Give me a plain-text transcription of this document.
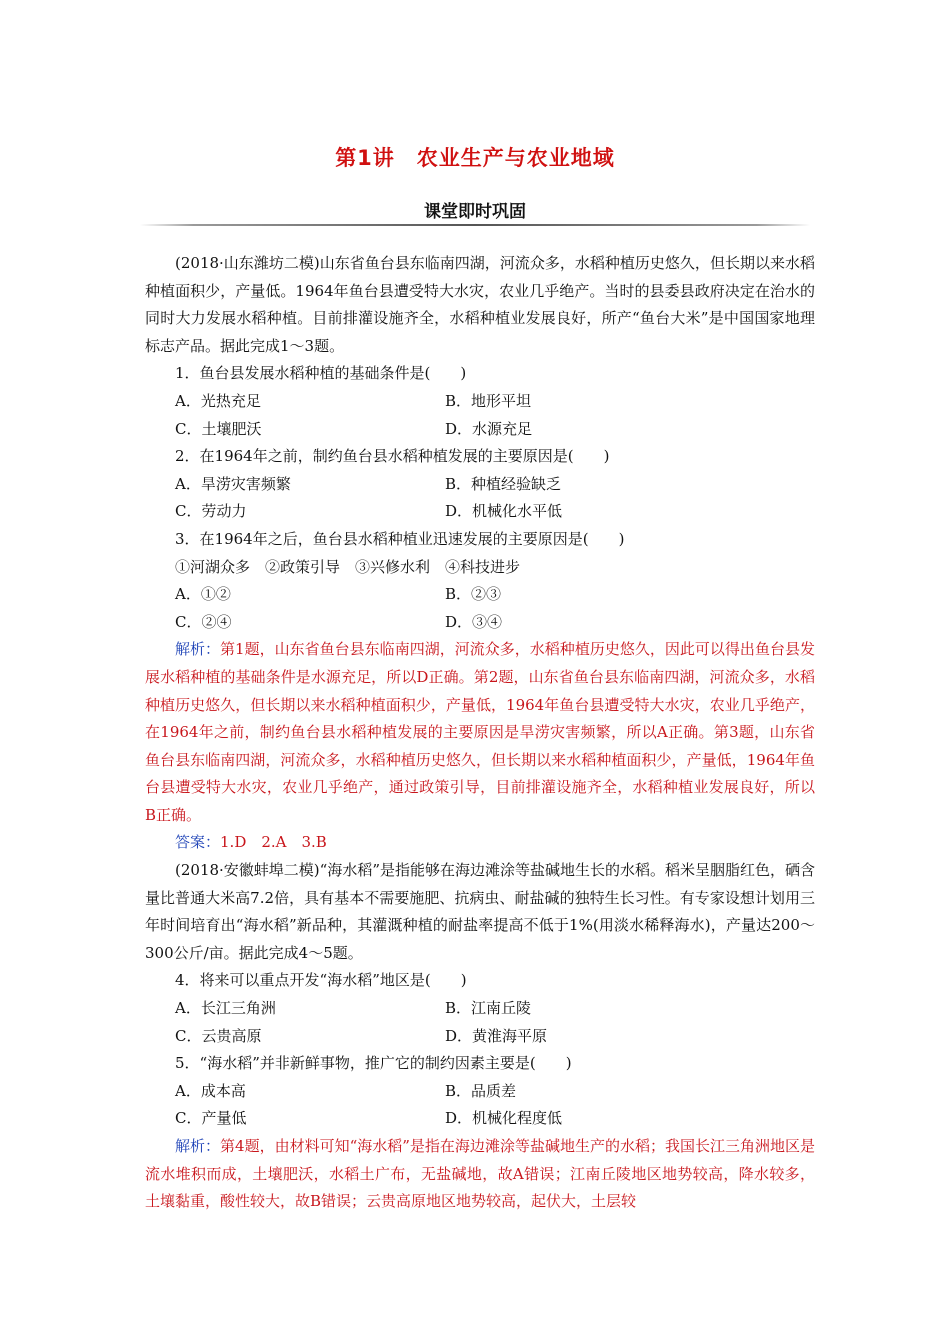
第1讲　农业生产与农业地域
课堂即时巩固

(2018·山东潍坊二模)山东省鱼台县东临南四湖，河流众多，水稻种植历史悠久，但长期以来水稻种植面积少，产量低。1964年鱼台县遭受特大水灾，农业几乎绝产。当时的县委县政府决定在治水的同时大力发展水稻种植。目前排灌设施齐全，水稻种植业发展良好，所产“鱼台大米”是中国国家地理标志产品。据此完成1～3题。

1．鱼台县发展水稻种植的基础条件是(　　)

A．光热充足	B．地形平坦
C．土壤肥沃	D．水源充足

2．在1964年之前，制约鱼台县水稻种植发展的主要原因是(　　)

A．旱涝灾害频繁	B．种植经验缺乏
C．劳动力	D．机械化水平低

3．在1964年之后，鱼台县水稻种植业迅速发展的主要原因是(　　)

①河湖众多　②政策引导　③兴修水利　④科技进步

A．①②	B．②③
C．②④	D．③④

解析：第1题，山东省鱼台县东临南四湖，河流众多，水稻种植历史悠久，因此可以得出鱼台县发展水稻种植的基础条件是水源充足，所以D正确。第2题，山东省鱼台县东临南四湖，河流众多，水稻种植历史悠久，但长期以来水稻种植面积少，产量低，1964年鱼台县遭受特大水灾，农业几乎绝产，在1964年之前，制约鱼台县水稻种植发展的主要原因是旱涝灾害频繁，所以A正确。第3题，山东省鱼台县东临南四湖，河流众多，水稻种植历史悠久，但长期以来水稻种植面积少，产量低，1964年鱼台县遭受特大水灾，农业几乎绝产，通过政策引导，目前排灌设施齐全，水稻种植业发展良好，所以B正确。

答案：1.D　2.A　3.B

(2018·安徽蚌埠二模)“海水稻”是指能够在海边滩涂等盐碱地生长的水稻。稻米呈胭脂红色，硒含量比普通大米高7.2倍，具有基本不需要施肥、抗病虫、耐盐碱的独特生长习性。有专家设想计划用三年时间培育出“海水稻”新品种，其灌溉种植的耐盐率提高不低于1%(用淡水稀释海水)，产量达200～300公斤/亩。据此完成4～5题。

4．将来可以重点开发“海水稻”地区是(　　)

A．长江三角洲	B．江南丘陵
C．云贵高原	D．黄淮海平原

5．“海水稻”并非新鲜事物，推广它的制约因素主要是(　　)

A．成本高	B．品质差
C．产量低	D．机械化程度低

解析：第4题，由材料可知“海水稻”是指在海边滩涂等盐碱地生产的水稻；我国长江三角洲地区是流水堆积而成，土壤肥沃，水稻土广布，无盐碱地，故A错误；江南丘陵地区地势较高，降水较多，土壤黏重，酸性较大，故B错误；云贵高原地区地势较高，起伏大，土层较
